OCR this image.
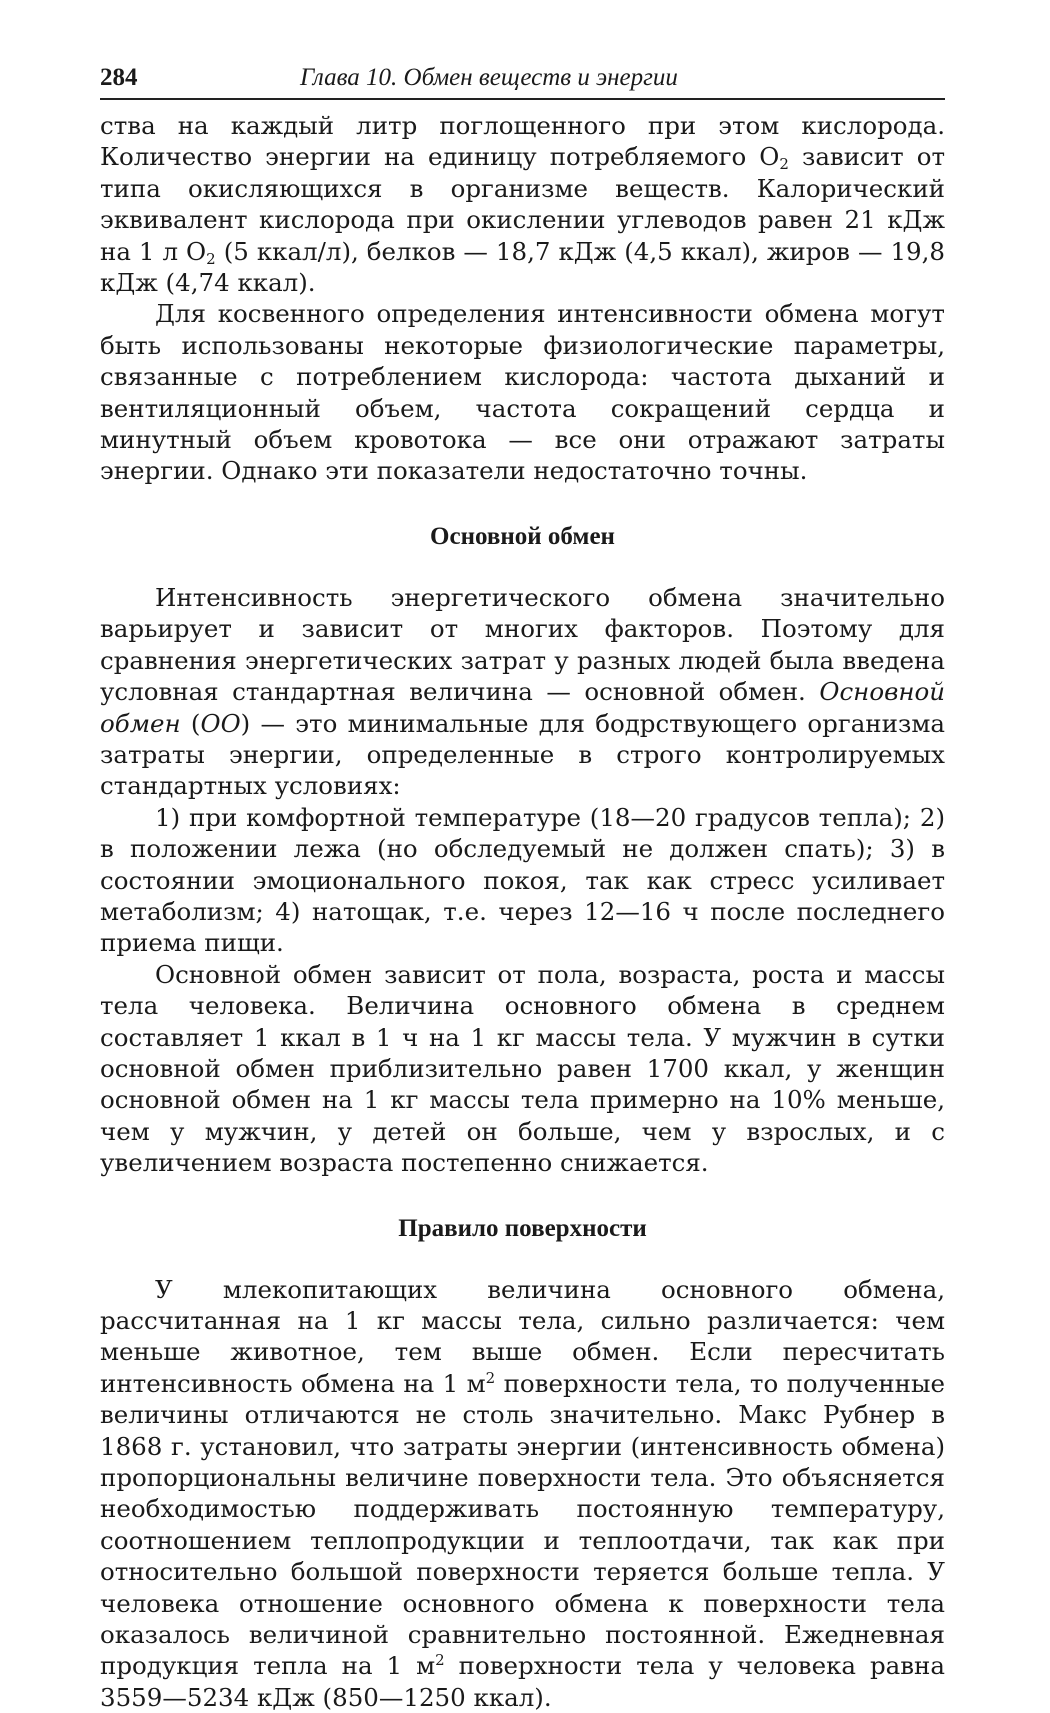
284	Глава 10. Обмен веществ и энергии

ства на каждый литр поглощенного при этом кислорода. Количество энергии на единицу потребляемого $O_2$ зависит от типа окисляющихся в организме веществ. Калорический эквивалент кислорода при окислении углеводов равен 21 кДж на 1 л $O_2$ (5 ккал/л), белков — 18,7 кДж (4,5 ккал), жиров — 19,8 кДж (4,74 ккал).

Для косвенного определения интенсивности обмена могут быть использованы некоторые физиологические параметры, связанные с потреблением кислорода: частота дыханий и вентиляционный объем, частота сокращений сердца и минутный объем кровотока — все они отражают затраты энергии. Однако эти показатели недостаточно точны.

Основной обмен

Интенсивность энергетического обмена значительно варьирует и зависит от многих факторов. Поэтому для сравнения энергетических затрат у разных людей была введена условная стандартная величина — основной обмен. Основной обмен (ОО) — это минимальные для бодрствующего организма затраты энергии, определенные в строго контролируемых стандартных условиях:

1) при комфортной температуре (18—20 градусов тепла); 2) в положении лежа (но обследуемый не должен спать); 3) в состоянии эмоционального покоя, так как стресс усиливает метаболизм; 4) натощак, т.е. через 12—16 ч после последнего приема пищи.

Основной обмен зависит от пола, возраста, роста и массы тела человека. Величина основного обмена в среднем составляет 1 ккал в 1 ч на 1 кг массы тела. У мужчин в сутки основной обмен приблизительно равен 1700 ккал, у женщин основной обмен на 1 кг массы тела примерно на 10% меньше, чем у мужчин, у детей он больше, чем у взрослых, и с увеличением возраста постепенно снижается.

Правило поверхности

У млекопитающих величина основного обмена, рассчитанная на 1 кг массы тела, сильно различается: чем меньше животное, тем выше обмен. Если пересчитать интенсивность обмена на 1 $м^2$ поверхности тела, то полученные величины отличаются не столь значительно. Макс Рубнер в 1868 г. установил, что затраты энергии (интенсивность обмена) пропорциональны величине поверхности тела. Это объясняется необходимостью поддерживать постоянную температуру, соотношением теплопродукции и теплоотдачи, так как при относительно большой поверхности теряется больше тепла. У человека отношение основного обмена к поверхности тела оказалось величиной сравнительно постоянной. Ежедневная продукция тепла на 1 $м^2$ поверхности тела у человека равна 3559—5234 кДж (850—1250 ккал).
